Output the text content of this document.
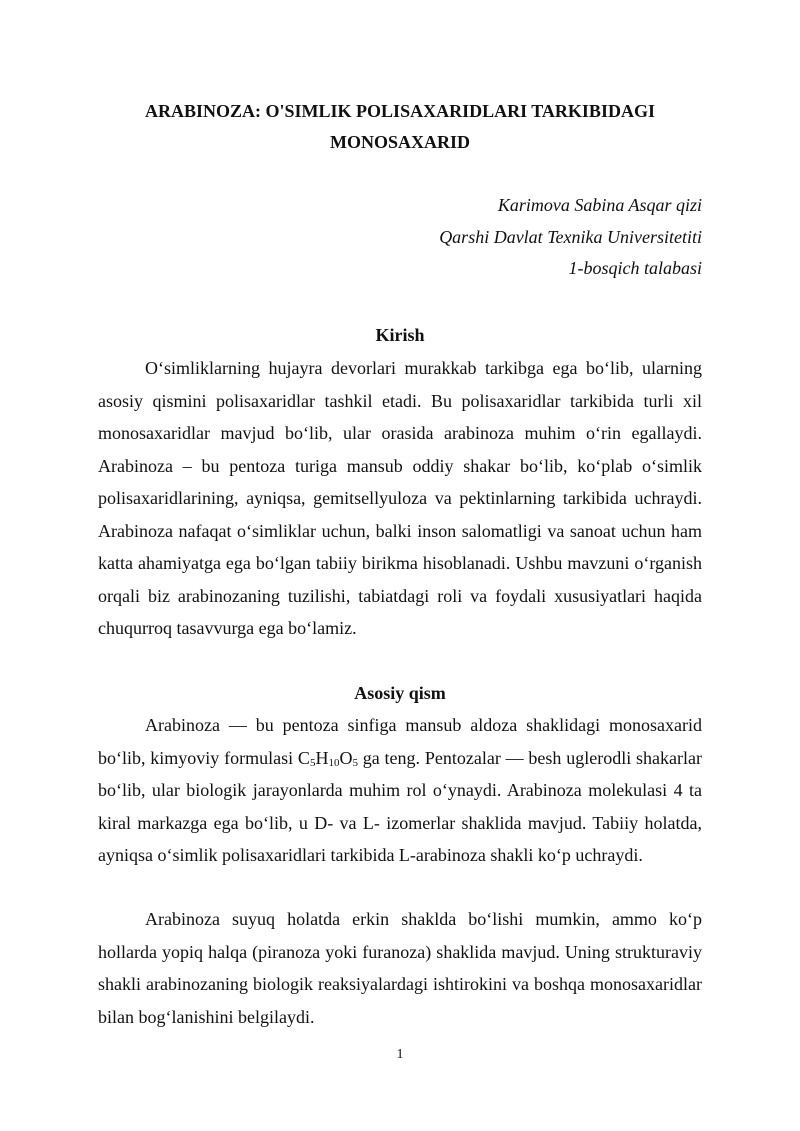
ARABINOZA: O'SIMLIK POLISAXARIDLARI TARKIBIDAGI
MONOSAXARID
Karimova Sabina Asqar qizi
Qarshi Davlat Texnika Universitetiti
1-bosqich talabasi
Kirish

O‘simliklarning hujayra devorlari murakkab tarkibga ega bo‘lib, ularning asosiy qismini polisaxaridlar tashkil etadi. Bu polisaxaridlar tarkibida turli xil monosaxaridlar mavjud bo‘lib, ular orasida arabinoza muhim o‘rin egallaydi. Arabinoza – bu pentoza turiga mansub oddiy shakar bo‘lib, ko‘plab o‘simlik polisaxaridlarining, ayniqsa, gemitsellyuloza va pektinlarning tarkibida uchraydi. Arabinoza nafaqat o‘simliklar uchun, balki inson salomatligi va sanoat uchun ham katta ahamiyatga ega bo‘lgan tabiiy birikma hisoblanadi. Ushbu mavzuni o‘rganish orqali biz arabinozaning tuzilishi, tabiatdagi roli va foydali xususiyatlari haqida chuqurroq tasavvurga ega bo‘lamiz.

Asosiy qism

Arabinoza — bu pentoza sinfiga mansub aldoza shaklidagi monosaxarid bo‘lib, kimyoviy formulasi $C_5H_{10}O_5$ ga teng. Pentozalar — besh uglerodli shakarlar bo‘lib, ular biologik jarayonlarda muhim rol o‘ynaydi. Arabinoza molekulasi 4 ta kiral markazga ega bo‘lib, u D- va L- izomerlar shaklida mavjud. Tabiiy holatda, ayniqsa o‘simlik polisaxaridlari tarkibida L-arabinoza shakli ko‘p uchraydi.

Arabinoza suyuq holatda erkin shaklda bo‘lishi mumkin, ammo ko‘p hollarda yopiq halqa (piranoza yoki furanoza) shaklida mavjud. Uning strukturaviy shakli arabinozaning biologik reaksiyalardagi ishtirokini va boshqa monosaxaridlar bilan bog‘lanishini belgilaydi.

1
